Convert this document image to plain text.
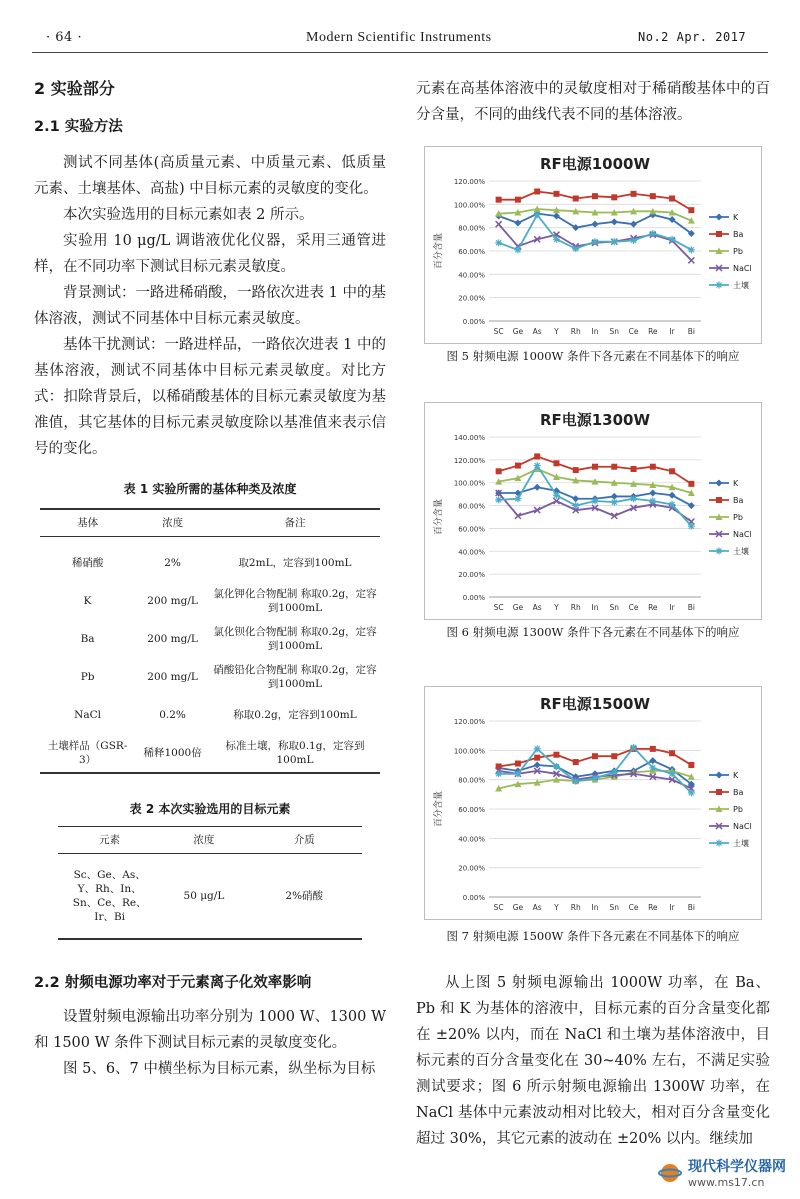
· 64 ·	Modern Scientific Instruments	No.2 Apr. 2017
2 实验部分
2.1 实验方法

测试不同基体(高质量元素、中质量元素、低质量元素、土壤基体、高盐) 中目标元素的灵敏度的变化。

本次实验选用的目标元素如表 2 所示。

实验用 10 μg/L 调谐液优化仪器，采用三通管进样，在不同功率下测试目标元素灵敏度。

背景测试：一路进稀硝酸，一路依次进表 1 中的基体溶液，测试不同基体中目标元素灵敏度。

基体干扰测试：一路进样品，一路依次进表 1 中的基体溶液，测试不同基体中目标元素灵敏度。对比方式：扣除背景后，以稀硝酸基体的目标元素灵敏度为基准值，其它基体的目标元素灵敏度除以基准值来表示信号的变化。

表 1 实验所需的基体种类及浓度
基体	浓度	备注
稀硝酸	2%	取2mL，定容到100mL
K	200 mg/L	氯化钾化合物配制 称取0.2g，定容到1000mL
Ba	200 mg/L	氯化钡化合物配制 称取0.2g，定容到1000mL
Pb	200 mg/L	硝酸铅化合物配制 称取0.2g，定容到1000mL
NaCl	0.2%	称取0.2g，定容到100mL
土壤样品（GSR-3）	稀释1000倍	标准土壤，称取0.1g，定容到100mL
表 2 本次实验选用的目标元素
元素	浓度	介质
Sc、Ge、As、Y、Rh、In、Sn、Ce、Re、Ir、Bi	50 μg/L	2%硝酸
2.2 射频电源功率对于元素离子化效率影响

设置射频电源输出功率分别为 1000 W、1300 W 和 1500 W 条件下测试目标元素的灵敏度变化。

图 5、6、7 中横坐标为目标元素，纵坐标为目标

元素在高基体溶液中的灵敏度相对于稀硝酸基体中的百分含量，不同的曲线代表不同的基体溶液。

RF电源1000W
0.00%
20.00%
40.00%
60.00%
80.00%
100.00%
120.00%
百分含量
SC Ge As Y Rh In Sn Ce Re Ir Bi
K
Ba
Pb
NaCl
土壤
图 5 射频电源 1000W 条件下各元素在不同基体下的响应
RF电源1300W
0.00%
20.00%
40.00%
60.00%
80.00%
100.00%
120.00%
140.00%
百分含量
SC Ge As Y Rh In Sn Ce Re Ir Bi
K
Ba
Pb
NaCl
土壤
图 6 射频电源 1300W 条件下各元素在不同基体下的响应
RF电源1500W
0.00%
20.00%
40.00%
60.00%
80.00%
100.00%
120.00%
百分含量
SC Ge As Y Rh In Sn Ce Re Ir Bi
K
Ba
Pb
NaCl
土壤
图 7 射频电源 1500W 条件下各元素在不同基体下的响应

从上图 5 射频电源输出 1000W 功率，在 Ba、Pb 和 K 为基体的溶液中，目标元素的百分含量变化都在 ±20% 以内，而在 NaCl 和土壤为基体溶液中，目标元素的百分含量变化在 30~40% 左右，不满足实验测试要求；图 6 所示射频电源输出 1300W 功率，在 NaCl 基体中元素波动相对比较大，相对百分含量变化超过 30%，其它元素的波动在 ±20% 以内。继续加

现代科学仪器网
www.ms17.cn
